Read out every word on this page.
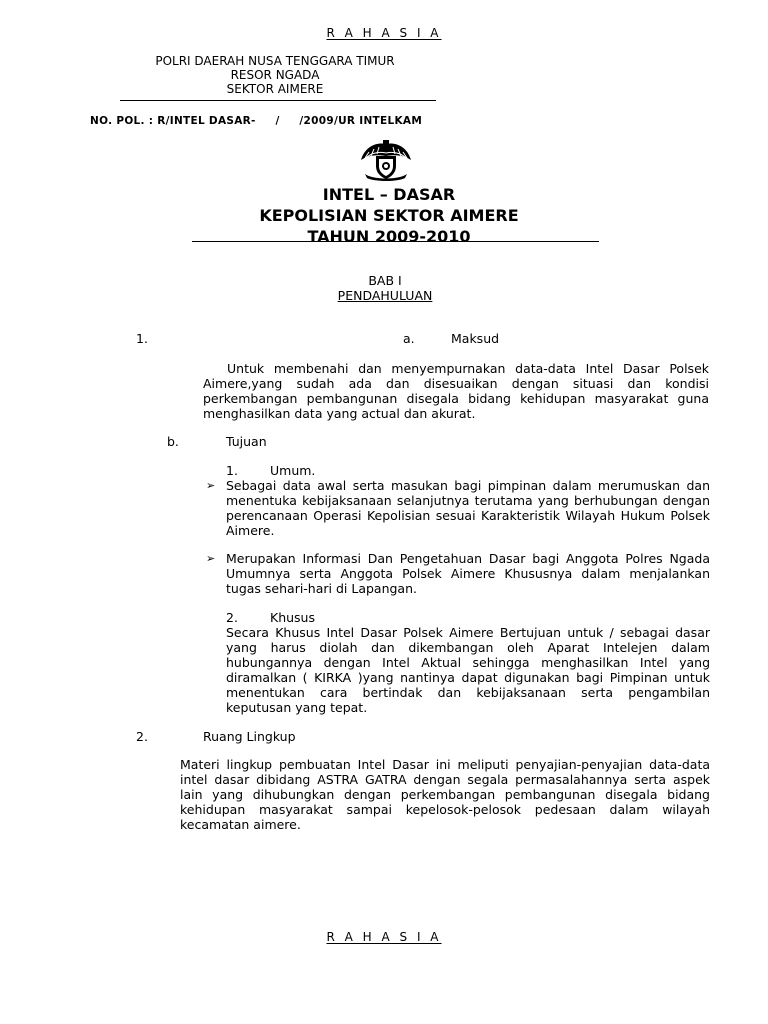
R A H A S I A
POLRI DAERAH NUSA TENGGARA TIMUR
RESOR NGADA
SEKTOR AIMERE
NO. POL. : R/INTEL DASAR-     /     /2009/UR INTELKAM
INTEL – DASAR
KEPOLISIAN SEKTOR AIMERE
TAHUN 2009-2010
BAB I
PENDAHULUAN
1.	a.	Maksud
Untuk membenahi dan menyempurnakan data-data Intel Dasar Polsek Aimere,yang sudah ada dan disesuaikan dengan situasi dan kondisi perkembangan pembangunan disegala bidang kehidupan masyarakat guna menghasilkan data yang actual dan akurat.
b.	Tujuan
1.	Umum.
➢ Sebagai data awal serta masukan bagi pimpinan dalam merumuskan dan menentuka kebijaksanaan selanjutnya terutama yang berhubungan dengan perencanaan Operasi Kepolisian sesuai Karakteristik Wilayah Hukum Polsek Aimere.
➢ Merupakan Informasi Dan Pengetahuan Dasar bagi Anggota Polres Ngada Umumnya serta Anggota Polsek Aimere Khususnya dalam menjalankan tugas sehari-hari di Lapangan.
2.	Khusus
Secara Khusus Intel Dasar Polsek Aimere Bertujuan untuk / sebagai dasar yang harus diolah dan dikembangan oleh Aparat Intelejen dalam hubungannya dengan Intel Aktual sehingga menghasilkan Intel yang diramalkan ( KIRKA )yang nantinya dapat digunakan bagi Pimpinan untuk menentukan cara bertindak dan kebijaksanaan serta pengambilan keputusan yang tepat.
2.	Ruang Lingkup
Materi lingkup pembuatan Intel Dasar ini meliputi penyajian-penyajian data-data intel dasar dibidang ASTRA GATRA dengan segala permasalahannya serta aspek lain yang dihubungkan dengan perkembangan pembangunan disegala bidang kehidupan masyarakat sampai kepelosok-pelosok pedesaan dalam wilayah kecamatan aimere.
R A H A S I A
